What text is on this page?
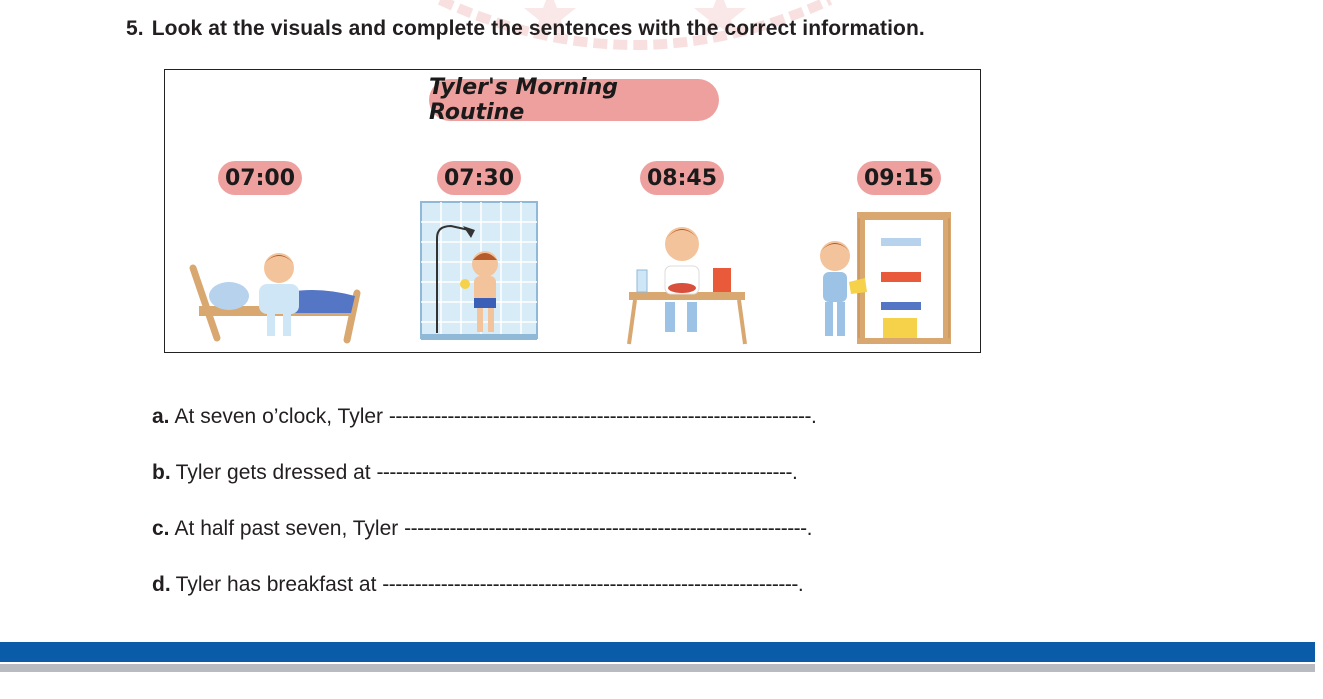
5. Look at the visuals and complete the sentences with the correct information.
Tyler's Morning Routine
07:00	07:30	08:45	09:15
a. At seven o’clock, Tyler -----------------------------------------------------------------.
b. Tyler gets dressed at ----------------------------------------------------------------.
c. At half past seven, Tyler --------------------------------------------------------------.
d. Tyler has breakfast at ----------------------------------------------------------------.
